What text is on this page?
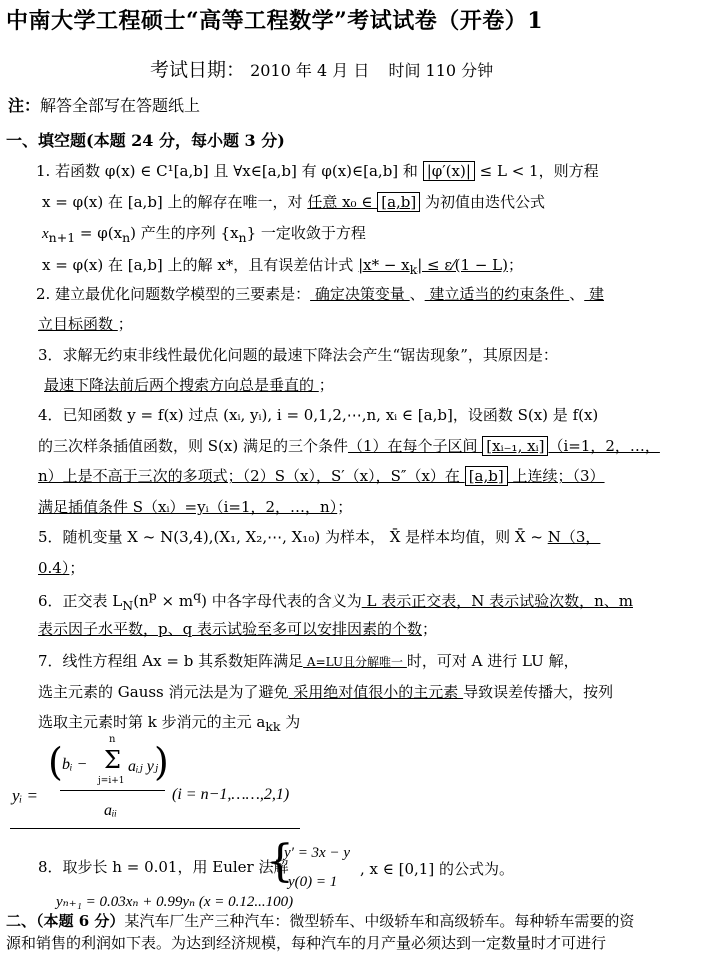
中南大学工程硕士“高等工程数学”考试试卷（开卷）1
考试日期： 2010 年 4 月 日 时间 110 分钟
注：解答全部写在答题纸上
一、填空题(本题 24 分，每小题 3 分)
1. 若函数 φ(x) ∈ C¹[a,b] 且 ∀x∈[a,b] 有 φ(x)∈[a,b] 和 |φ′(x)| ≤ L < 1，则方程
x = φ(x) 在 [a,b] 上的解存在唯一，对 任意 x₀ ∈ [a,b] 为初值由迭代公式
$x_{n+1} = \varphi(x_n)$ 产生的序列 $\{x_n\}$ 一定收敛于方程
x = φ(x) 在 [a,b] 上的解 x*，且有误差估计式 $|x* - x_k|$ ≤ ε⁄(1 − L)；
2. 建立最优化问题数学模型的三要素是： 确定决策变量 、 建立适当的约束条件 、 建
立目标函数 ；
3．求解无约束非线性最优化问题的最速下降法会产生“锯齿现象”，其原因是：
最速下降法前后两个搜索方向总是垂直的 ；
4．已知函数 y = f(x) 过点 (xᵢ, yᵢ), i = 0,1,2,⋯,n, xᵢ ∈ [a,b]，设函数 S(x) 是 f(x)
的三次样条插值函数，则 S(x) 满足的三个条件（1）在每个子区间 [xᵢ₋₁, xᵢ] （i=1，2，…，
n）上是不高于三次的多项式；（2）S（x），S′（x），S″（x）在 [a,b] 上连续；（3）
满足插值条件 S（xᵢ）=yᵢ（i=1，2，…，n）；
5．随机变量 X ~ N(3,4),(X₁, X₂,⋯, X₁₀) 为样本， X̄ 是样本均值，则 X̄ ~ N（3，
0.4）；
6．正交表 $L_N(n^p \times m^q)$ 中各字母代表的含义为 L 表示正交表，N 表示试验次数，n、m
表示因子水平数，p、q 表示试验至多可以安排因素的个数；
7．线性方程组 Ax = b 其系数矩阵满足 A=LU且分解唯一 时，可对 A 进行 LU 解，
选主元素的 Gauss 消元法是为了避免 采用绝对值很小的主元素 导致误差传播大，按列
选取主元素时第 k 步消元的主元 $a_{kk}$ 为
yᵢ =
( bᵢ −
n
Σ
j=i+1
aᵢⱼ yⱼ
)
aᵢᵢ
(i = n−1,……,2,1)
8．取步长 h = 0.01，用 Euler 法解
{
y′ = 3x − y
y(0) = 1
, x ∈ [0,1] 的公式为。
yₙ₊₁ = 0.03xₙ + 0.99yₙ (x = 0.12...100)
二、（本题 6 分）某汽车厂生产三种汽车：微型轿车、中级轿车和高级轿车。每种轿车需要的资
源和销售的利润如下表。为达到经济规模，每种汽车的月产量必须达到一定数量时才可进行
